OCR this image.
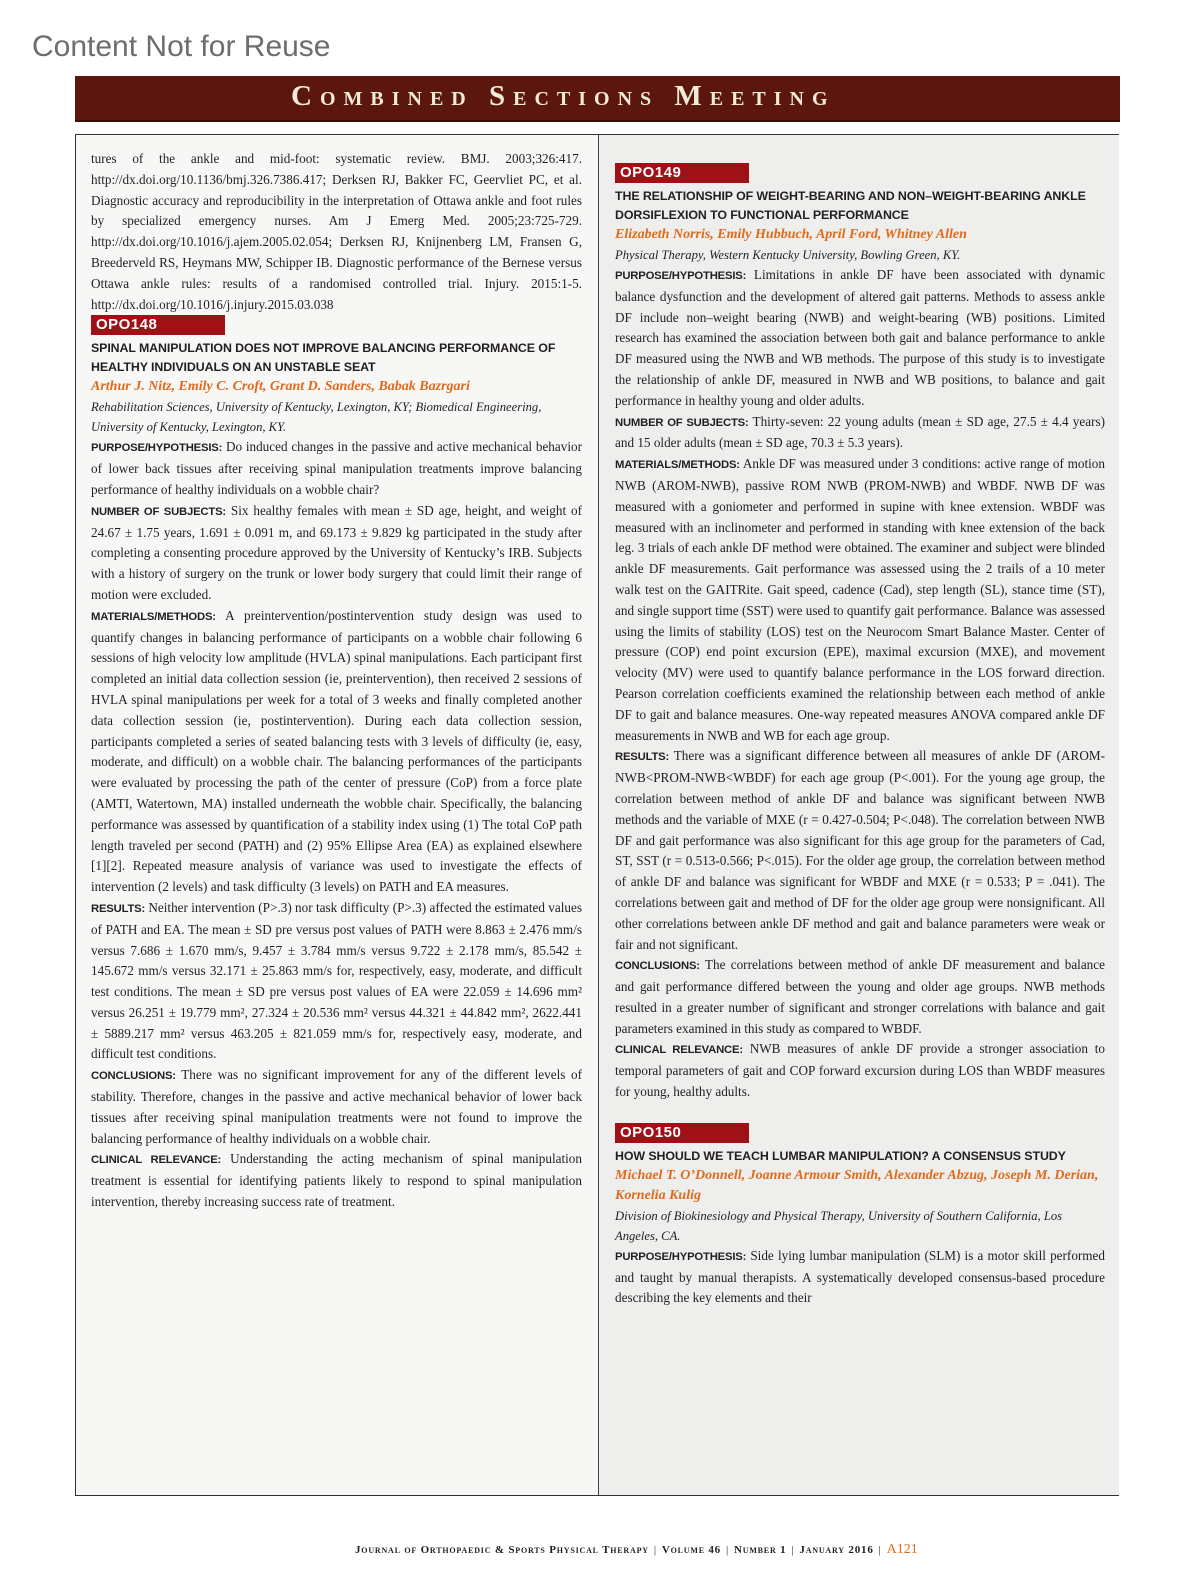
Content Not for Reuse
Combined Sections Meeting

tures of the ankle and mid-foot: systematic review. BMJ. 2003;326:417. http://dx.doi.org/10.1136/bmj.326.7386.417; Derksen RJ, Bakker FC, Geervliet PC, et al. Diagnostic accuracy and reproducibility in the interpretation of Ottawa ankle and foot rules by specialized emergency nurses. Am J Emerg Med. 2005;23:725-729. http://dx.doi.org/10.1016/j.ajem.2005.02.054; Derksen RJ, Knijnenberg LM, Fransen G, Breederveld RS, Heymans MW, Schipper IB. Diagnostic performance of the Bernese versus Ottawa ankle rules: results of a randomised controlled trial. Injury. 2015:1-5. http://dx.doi.org/10.1016/j.injury.2015.03.038

OPO148
SPINAL MANIPULATION DOES NOT IMPROVE BALANCING PERFORMANCE OF HEALTHY INDIVIDUALS ON AN UNSTABLE SEAT
Arthur J. Nitz, Emily C. Croft, Grant D. Sanders, Babak Bazrgari
Rehabilitation Sciences, University of Kentucky, Lexington, KY; Biomedical Engineering, University of Kentucky, Lexington, KY.

PURPOSE/HYPOTHESIS: Do induced changes in the passive and active mechanical behavior of lower back tissues after receiving spinal manipulation treatments improve balancing performance of healthy individuals on a wobble chair?

NUMBER OF SUBJECTS: Six healthy females with mean ± SD age, height, and weight of 24.67 ± 1.75 years, 1.691 ± 0.091 m, and 69.173 ± 9.829 kg participated in the study after completing a consenting procedure approved by the University of Kentucky’s IRB. Subjects with a history of surgery on the trunk or lower body surgery that could limit their range of motion were excluded.

MATERIALS/METHODS: A preintervention/postintervention study design was used to quantify changes in balancing performance of participants on a wobble chair following 6 sessions of high velocity low amplitude (HVLA) spinal manipulations. Each participant first completed an initial data collection session (ie, preintervention), then received 2 sessions of HVLA spinal manipulations per week for a total of 3 weeks and finally completed another data collection session (ie, postintervention). During each data collection session, participants completed a series of seated balancing tests with 3 levels of difficulty (ie, easy, moderate, and difficult) on a wobble chair. The balancing performances of the participants were evaluated by processing the path of the center of pressure (CoP) from a force plate (AMTI, Watertown, MA) installed underneath the wobble chair. Specifically, the balancing performance was assessed by quantification of a stability index using (1) The total CoP path length traveled per second (PATH) and (2) 95% Ellipse Area (EA) as explained elsewhere [1][2]. Repeated measure analysis of variance was used to investigate the effects of intervention (2 levels) and task difficulty (3 levels) on PATH and EA measures.

RESULTS: Neither intervention (P>.3) nor task difficulty (P>.3) affected the estimated values of PATH and EA. The mean ± SD pre versus post values of PATH were 8.863 ± 2.476 mm/s versus 7.686 ± 1.670 mm/s, 9.457 ± 3.784 mm/s versus 9.722 ± 2.178 mm/s, 85.542 ± 145.672 mm/s versus 32.171 ± 25.863 mm/s for, respectively, easy, moderate, and difficult test conditions. The mean ± SD pre versus post values of EA were 22.059 ± 14.696 mm² versus 26.251 ± 19.779 mm², 27.324 ± 20.536 mm² versus 44.321 ± 44.842 mm², 2622.441 ± 5889.217 mm² versus 463.205 ± 821.059 mm/s for, respectively easy, moderate, and difficult test conditions.

CONCLUSIONS: There was no significant improvement for any of the different levels of stability. Therefore, changes in the passive and active mechanical behavior of lower back tissues after receiving spinal manipulation treatments were not found to improve the balancing performance of healthy individuals on a wobble chair.

CLINICAL RELEVANCE: Understanding the acting mechanism of spinal manipulation treatment is essential for identifying patients likely to respond to spinal manipulation intervention, thereby increasing success rate of treatment.

OPO149
THE RELATIONSHIP OF WEIGHT-BEARING AND NON–WEIGHT-BEARING ANKLE DORSIFLEXION TO FUNCTIONAL PERFORMANCE
Elizabeth Norris, Emily Hubbuch, April Ford, Whitney Allen
Physical Therapy, Western Kentucky University, Bowling Green, KY.

PURPOSE/HYPOTHESIS: Limitations in ankle DF have been associated with dynamic balance dysfunction and the development of altered gait patterns. Methods to assess ankle DF include non–weight bearing (NWB) and weight-bearing (WB) positions. Limited research has examined the association between both gait and balance performance to ankle DF measured using the NWB and WB methods. The purpose of this study is to investigate the relationship of ankle DF, measured in NWB and WB positions, to balance and gait performance in healthy young and older adults.

NUMBER OF SUBJECTS: Thirty-seven: 22 young adults (mean ± SD age, 27.5 ± 4.4 years) and 15 older adults (mean ± SD age, 70.3 ± 5.3 years).

MATERIALS/METHODS: Ankle DF was measured under 3 conditions: active range of motion NWB (AROM-NWB), passive ROM NWB (PROM-NWB) and WBDF. NWB DF was measured with a goniometer and performed in supine with knee extension. WBDF was measured with an inclinometer and performed in standing with knee extension of the back leg. 3 trials of each ankle DF method were obtained. The examiner and subject were blinded ankle DF measurements. Gait performance was assessed using the 2 trails of a 10 meter walk test on the GAITRite. Gait speed, cadence (Cad), step length (SL), stance time (ST), and single support time (SST) were used to quantify gait performance. Balance was assessed using the limits of stability (LOS) test on the Neurocom Smart Balance Master. Center of pressure (COP) end point excursion (EPE), maximal excursion (MXE), and movement velocity (MV) were used to quantify balance performance in the LOS forward direction. Pearson correlation coefficients examined the relationship between each method of ankle DF to gait and balance measures. One-way repeated measures ANOVA compared ankle DF measurements in NWB and WB for each age group.

RESULTS: There was a significant difference between all measures of ankle DF (AROM-NWB<PROM-NWB<WBDF) for each age group (P<.001). For the young age group, the correlation between method of ankle DF and balance was significant between NWB methods and the variable of MXE (r = 0.427-0.504; P<.048). The correlation between NWB DF and gait performance was also significant for this age group for the parameters of Cad, ST, SST (r = 0.513-0.566; P<.015). For the older age group, the correlation between method of ankle DF and balance was significant for WBDF and MXE (r = 0.533; P = .041). The correlations between gait and method of DF for the older age group were nonsignificant. All other correlations between ankle DF method and gait and balance parameters were weak or fair and not significant.

CONCLUSIONS: The correlations between method of ankle DF measurement and balance and gait performance differed between the young and older age groups. NWB methods resulted in a greater number of significant and stronger correlations with balance and gait parameters examined in this study as compared to WBDF.

CLINICAL RELEVANCE: NWB measures of ankle DF provide a stronger association to temporal parameters of gait and COP forward excursion during LOS than WBDF measures for young, healthy adults.

OPO150
HOW SHOULD WE TEACH LUMBAR MANIPULATION? A CONSENSUS STUDY
Michael T. O’Donnell, Joanne Armour Smith, Alexander Abzug, Joseph M. Derian, Kornelia Kulig
Division of Biokinesiology and Physical Therapy, University of Southern California, Los Angeles, CA.

PURPOSE/HYPOTHESIS: Side lying lumbar manipulation (SLM) is a motor skill performed and taught by manual therapists. A systematically developed consensus-based procedure describing the key elements and their

Journal of Orthopaedic & Sports Physical Therapy | Volume 46 | Number 1 | January 2016 | A121
